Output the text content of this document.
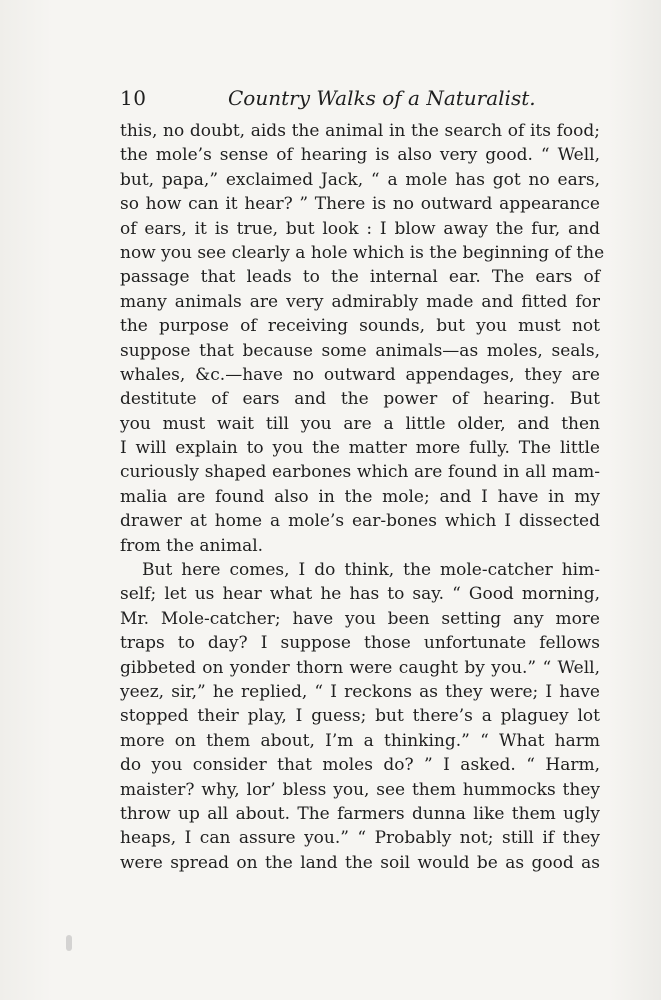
10	Country Walks of a Naturalist.
this, no doubt, aids the animal in the search of its food;
the mole’s sense of hearing is also very good. “ Well,
but, papa,” exclaimed Jack, “ a mole has got no ears,
so how can it hear? ” There is no outward appearance
of ears, it is true, but look : I blow away the fur, and
now you see clearly a hole which is the beginning of the
passage that leads to the internal ear. The ears of
many animals are very admirably made and fitted for
the purpose of receiving sounds, but you must not
suppose that because some animals—as moles, seals,
whales, &c.—have no outward appendages, they are
destitute of ears and the power of hearing. But
you must wait till you are a little older, and then
I will explain to you the matter more fully. The little
curiously shaped earbones which are found in all mam-
malia are found also in the mole; and I have in my
drawer at home a mole’s ear-bones which I dissected
from the animal.
But here comes, I do think, the mole-catcher him-
self; let us hear what he has to say. “ Good morning,
Mr. Mole-catcher; have you been setting any more
traps to day? I suppose those unfortunate fellows
gibbeted on yonder thorn were caught by you.” “ Well,
yeez, sir,” he replied, “ I reckons as they were; I have
stopped their play, I guess; but there’s a plaguey lot
more on them about, I’m a thinking.” “ What harm
do you consider that moles do? ” I asked. “ Harm,
maister? why, lor’ bless you, see them hummocks they
throw up all about. The farmers dunna like them ugly
heaps, I can assure you.” “ Probably not; still if they
were spread on the land the soil would be as good as
